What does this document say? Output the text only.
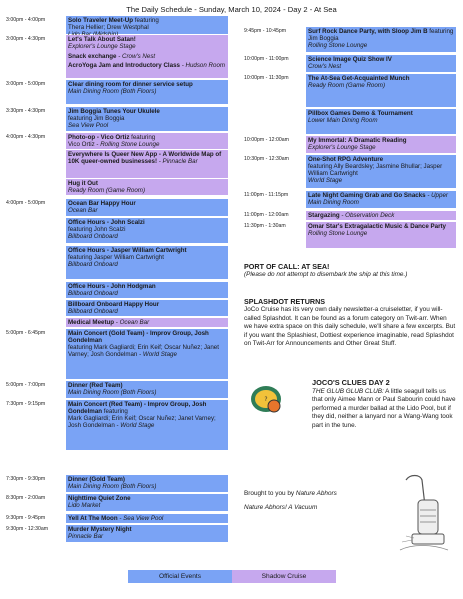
The Daily Schedule - Sunday, March 10, 2024 - Day 2 - At Sea
3:00pm - 4:00pm	Solo Traveler Meet-Up featuring
Thera Hellier; Drew Westphal
3:00pm - 4:30pm	Let's Talk About Satan!
Explorer's Lounge Stage
Snack exchange - Crow's Nest
AcroYoga Jam and Introductory Class - Hudson Room
3:00pm - 5:00pm	Clear dining room for dinner service setup
Main Dining Room (Both Floors)
3:30pm - 4:30pm	Jim Boggia Tunes Your Ukulele
featuring Jim Boggia
Sea View Pool
4:00pm - 4:30pm	Photo-op - Vico Ortiz featuring
Vico Ortiz - Rolling Stone Lounge
Everywhere Is Queer New App - A Worldwide Map of 10K queer-owned businesses! - Pinnacle Bar
Hug it Out
Ready Room (Game Room)
4:00pm - 5:00pm	Ocean Bar Happy Hour
Ocean Bar
Office Hours - John Scalzi
featuring John Scalzi
Billboard Onboard
Office Hours - Jasper William Cartwright
featuring Jasper William Cartwright
Billboard Onboard
Office Hours - John Hodgman
Billboard Onboard
Billboard Onboard Happy Hour
Billboard Onboard
Medical Meetup - Ocean Bar
5:00pm - 6:45pm	Main Concert (Gold Team) - Improv Group, Josh Gondelman
featuring Mark Gagliardi; Erin Keif; Oscar Nuñez; Janet Varney; Josh Gondelman - World Stage
5:00pm - 7:00pm	Dinner (Red Team)
Main Dining Room (Both Floors)
7:30pm - 9:15pm	Main Concert (Red Team) - Improv Group, Josh Gondelman featuring
Mark Gagliardi; Erin Keif; Oscar Nuñez; Janet Varney; Josh Gondelman - World Stage
7:30pm - 9:30pm	Dinner (Gold Team)
Main Dining Room (Both Floors)
8:30pm - 2:00am	Nighttime Quiet Zone
Lido Market
9:30pm - 9:45pm	Yell At The Moon - Sea View Pool
9:30pm - 12:30am	Murder Mystery Night
Pinnacle Bar
9:45pm - 10:45pm	Surf Rock Dance Party, with Sloop Jim B featuring Jim Boggia
Rolling Stone Lounge
10:00pm - 11:00pm	Science Image Quiz Show IV
Crow's Nest
10:00pm - 11:30pm	The At-Sea Get-Acquainted Munch
Ready Room (Game Room)
Pillbox Games Demo & Tournament
Lower Main Dining Room
10:00pm - 12:00am	My Immortal: A Dramatic Reading
Explorer's Lounge Stage
10:30pm - 12:30am	One-Shot RPG Adventure
featuring Ally Beardsley; Jasmine Bhullar; Jasper William Cartwright
World Stage
11:00pm - 11:15pm	Late Night Gaming Grab and Go Snacks - Upper Main Dining Room
11:00pm - 12:00am	Stargazing - Observation Deck
11:30pm - 1:30am	Omar Star's Extragalactic Music & Dance Party
Rolling Stone Lounge
PORT OF CALL: AT SEA!
(Please do not attempt to disembark the ship at this time.)
SPLASHDOT RETURNS
JoCo Cruise has its very own daily newsletter-a cruiseletter, if you will-called Splashdot. It can be found as a forum category on Twit-arr. When we have extra space on this daily schedule, we'll share a few excerpts. But if you want the Splashiest, Dottiest experience imaginable, read Splashdot on Twit-Arr for Announcements and Other Great Stuff.
?
JOCO'S CLUES DAY 2
THE GLUB GLUB CLUB: A little seagull tells us that only Aimee Mann or Paul Sabourin could have performed a murder ballad at the Lido Pool, but if they did, neither a lanyard nor a Wang-Wang took part in the tune.
Brought to you by Nature Abhors
Nature Abhors! A Vacuum
Official Events	Shadow Cruise
